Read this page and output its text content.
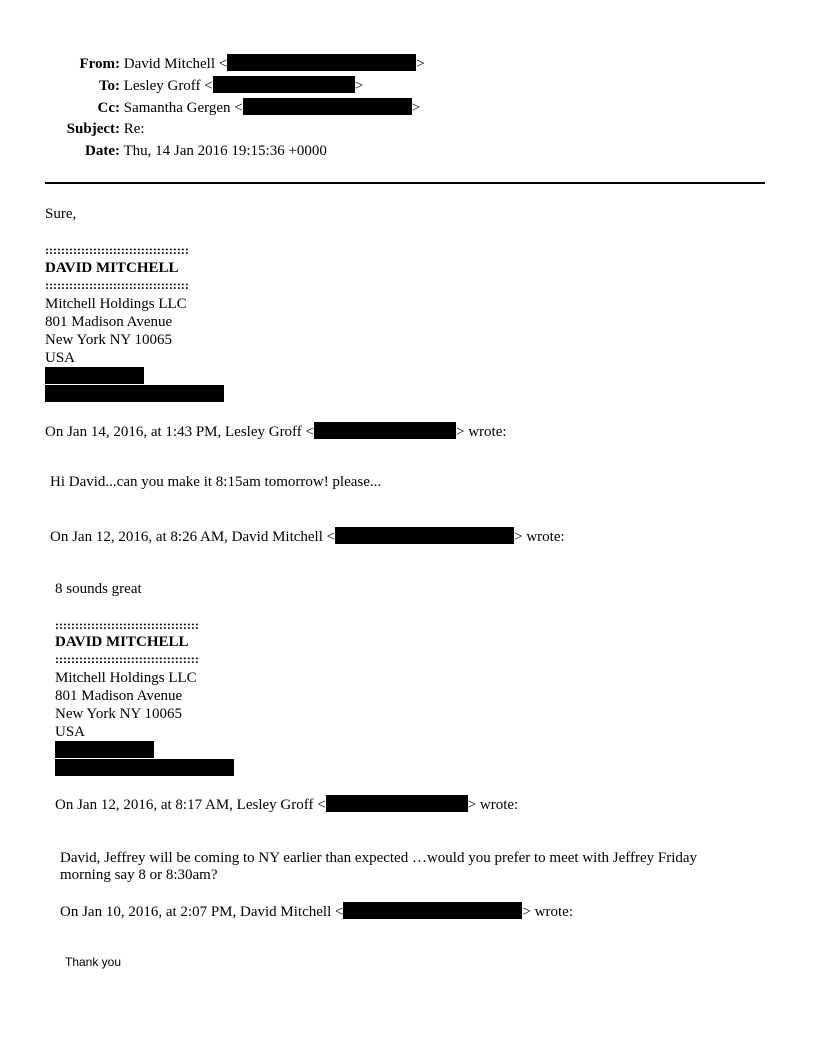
From: David Mitchell <	>
To: Lesley Groff <	>
Cc: Samantha Gergen <	>
Subject: Re:
Date: Thu, 14 Jan 2016 19:15:36 +0000
Sure,
::::::::::::::::::::::::::::::::::::
DAVID MITCHELL
::::::::::::::::::::::::::::::::::::
Mitchell Holdings LLC
801 Madison Avenue
New York NY 10065
USA
On Jan 14, 2016, at 1:43 PM, Lesley Groff <	> wrote:
Hi David...can you make it 8:15am tomorrow! please...
On Jan 12, 2016, at 8:26 AM, David Mitchell <	> wrote:
8 sounds great
::::::::::::::::::::::::::::::::::::
DAVID MITCHELL
::::::::::::::::::::::::::::::::::::
Mitchell Holdings LLC
801 Madison Avenue
New York NY 10065
USA
On Jan 12, 2016, at 8:17 AM, Lesley Groff <	> wrote:
David, Jeffrey will be coming to NY earlier than expected …would you prefer to meet with Jeffrey Friday
morning say 8 or 8:30am?
On Jan 10, 2016, at 2:07 PM, David Mitchell <	> wrote:
Thank you
